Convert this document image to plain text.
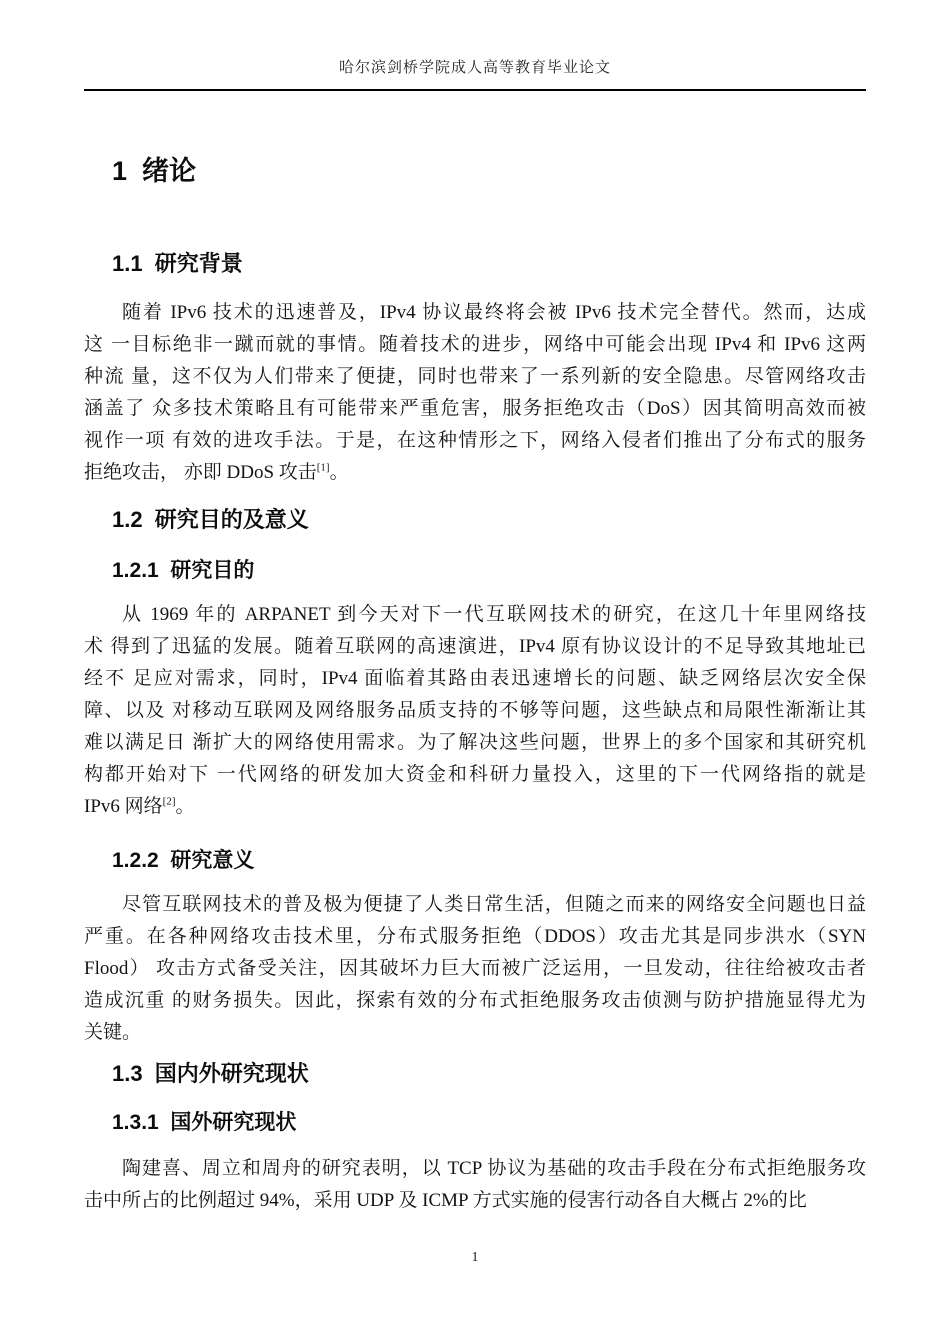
哈尔滨剑桥学院成人高等教育毕业论文
1  绪论
1.1  研究背景
随着 IPv6 技术的迅速普及，IPv4 协议最终将会被 IPv6 技术完全替代。然而，达成
这 一目标绝非一蹴而就的事情。随着技术的进步，网络中可能会出现 IPv4 和 IPv6 这两
种流 量，这不仅为人们带来了便捷，同时也带来了一系列新的安全隐患。尽管网络攻击
涵盖了 众多技术策略且有可能带来严重危害，服务拒绝攻击（DoS）因其简明高效而被
视作一项 有效的进攻手法。于是，在这种情形之下，网络入侵者们推出了分布式的服务
拒绝攻击， 亦即 DDoS 攻击[1]。
1.2  研究目的及意义
1.2.1  研究目的
从 1969 年的 ARPANET 到今天对下一代互联网技术的研究，在这几十年里网络技
术 得到了迅猛的发展。随着互联网的高速演进，IPv4 原有协议设计的不足导致其地址已
经不 足应对需求，同时，IPv4 面临着其路由表迅速增长的问题、缺乏网络层次安全保
障、以及 对移动互联网及网络服务品质支持的不够等问题，这些缺点和局限性渐渐让其
难以满足日 渐扩大的网络使用需求。为了解决这些问题，世界上的多个国家和其研究机
构都开始对下 一代网络的研发加大资金和科研力量投入，这里的下一代网络指的就是
IPv6 网络[2]。
1.2.2  研究意义
尽管互联网技术的普及极为便捷了人类日常生活，但随之而来的网络安全问题也日益
严重。在各种网络攻击技术里，分布式服务拒绝（DDOS）攻击尤其是同步洪水（SYN
Flood） 攻击方式备受关注，因其破坏力巨大而被广泛运用，一旦发动，往往给被攻击者
造成沉重 的财务损失。因此，探索有效的分布式拒绝服务攻击侦测与防护措施显得尤为
关键。
1.3  国内外研究现状
1.3.1  国外研究现状
陶建喜、周立和周舟的研究表明，以 TCP 协议为基础的攻击手段在分布式拒绝服务攻
击中所占的比例超过 94%，采用 UDP 及 ICMP 方式实施的侵害行动各自大概占 2%的比
1
